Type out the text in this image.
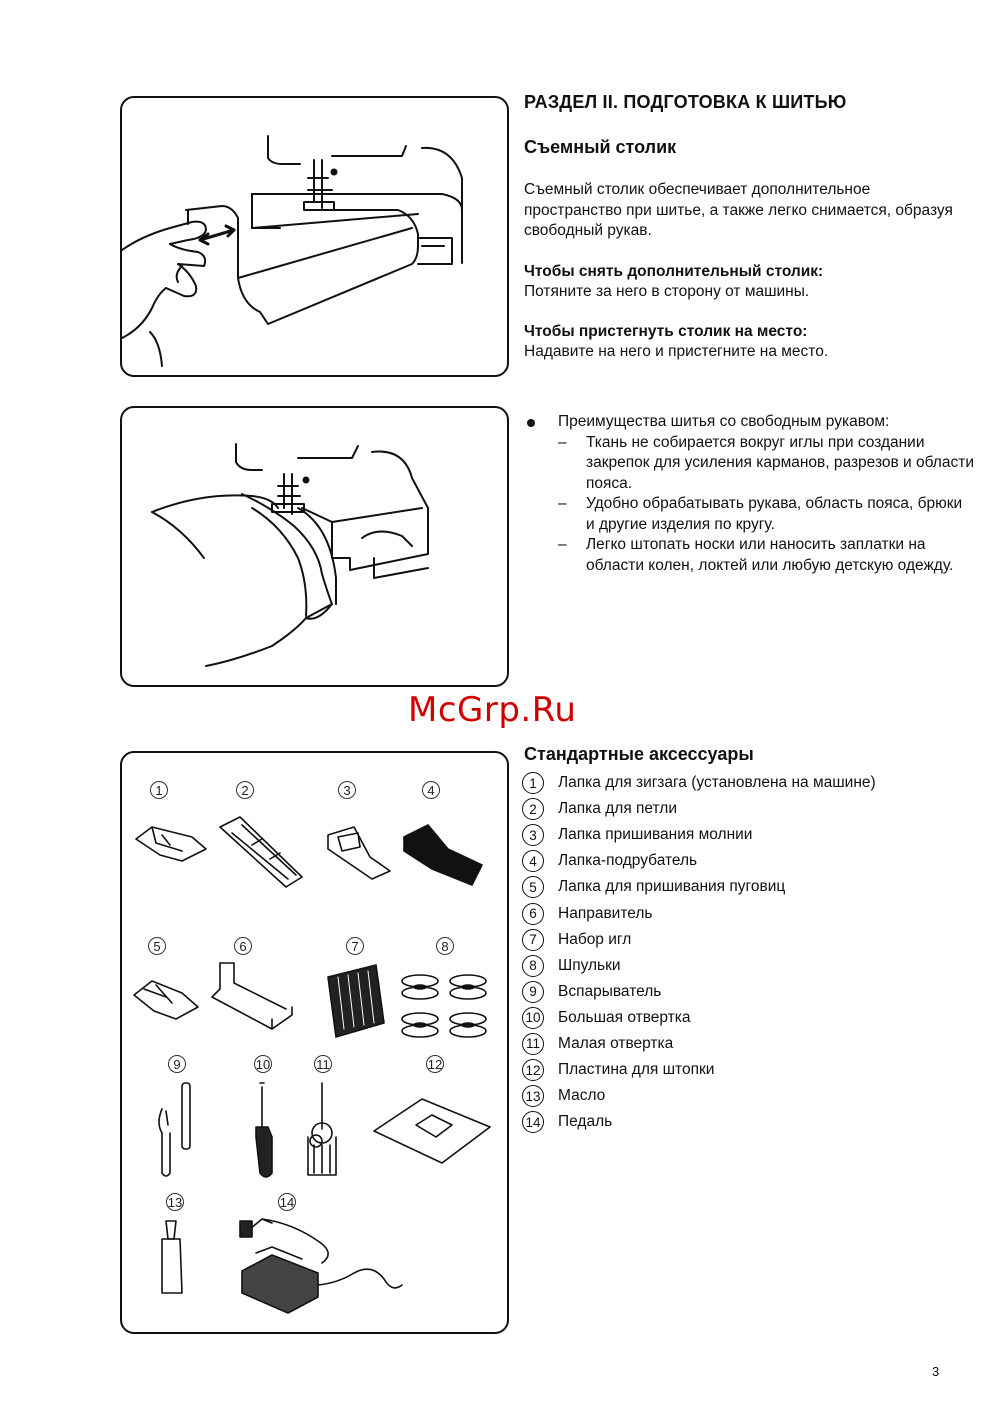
РАЗДЕЛ II. ПОДГОТОВКА К ШИТЬЮ
Съемный столик

Съемный столик обеспечивает дополнительное пространство при шитье, а также легко снимается, образуя свободный рукав.

Чтобы снять дополнительный столик:

Потяните за него в сторону от машины.

Чтобы пристегнуть столик на место:

Надавите на него и пристегните на место.

Преимущества шитья со свободным рукавом:
– Ткань не собирается вокруг иглы при создании закрепок для усиления карманов, разрезов и области пояса.
– Удобно обрабатывать рукава, область пояса, брюки и другие изделия по кругу.
– Легко штопать носки или наносить заплатки на области колен, локтей или любую детскую одежду.
McGrp.Ru
1	2	3	4
5	6	7	8
9	10	11	12
13	14
Стандартные аксессуары
1	Лапка для зигзага (установлена на машине)
2	Лапка для петли
3	Лапка пришивания молнии
4	Лапка-подрубатель
5	Лапка для пришивания пуговиц
6	Направитель
7	Набор игл
8	Шпульки
9	Вспарыватель
10 Большая отвертка
11 Малая отвертка
12 Пластина для штопки
13 Масло
14 Педаль
3
